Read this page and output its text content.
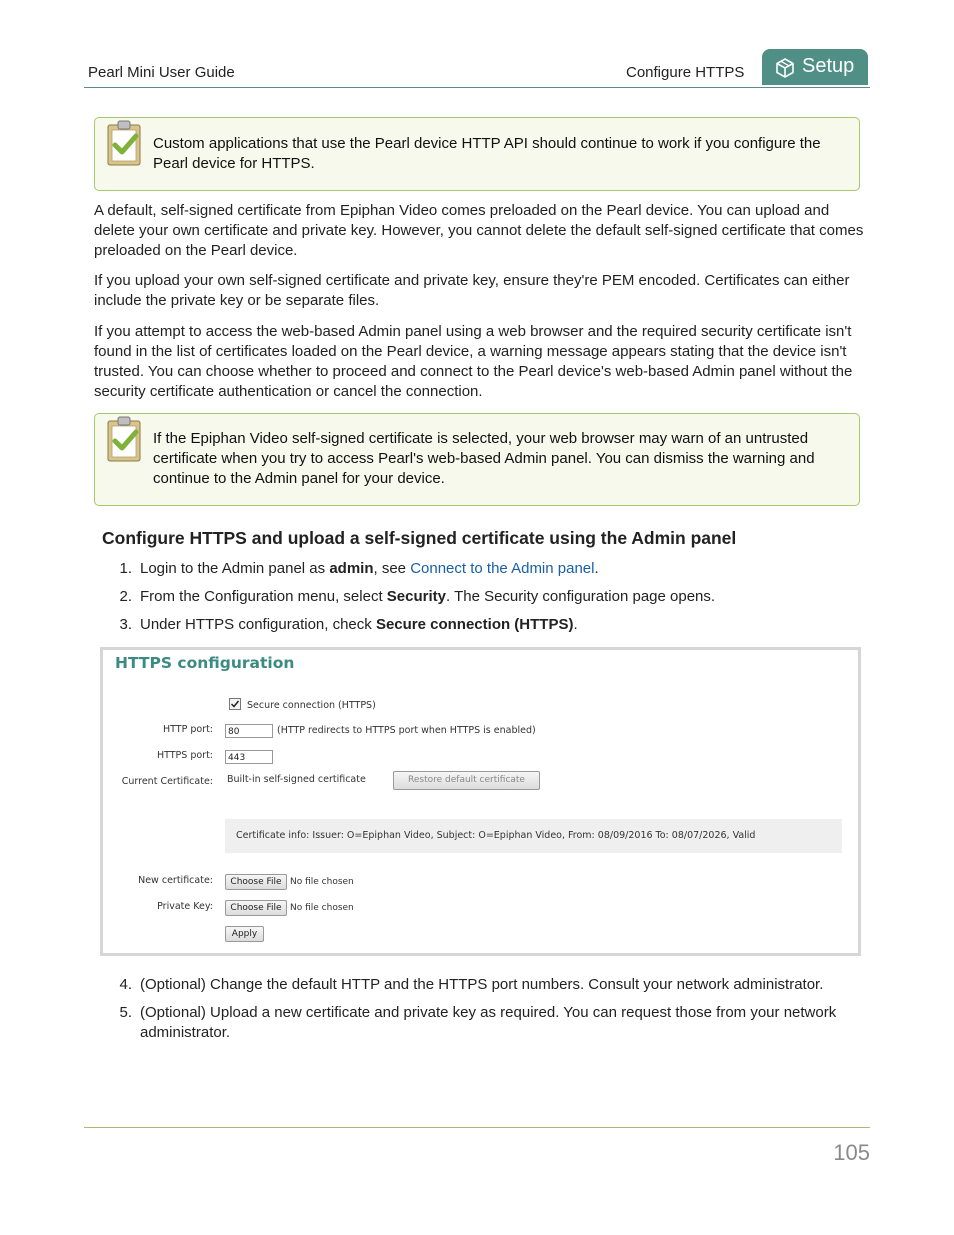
Pearl Mini User Guide	Configure HTTPS	Setup
Custom applications that use the Pearl device HTTP API should continue to work if you configure the Pearl device for HTTPS.
A default, self-signed certificate from Epiphan Video comes preloaded on the Pearl device. You can upload and delete your own certificate and private key. However, you cannot delete the default self-signed certificate that comes preloaded on the Pearl device.
If you upload your own self-signed certificate and private key, ensure they're PEM encoded. Certificates can either include the private key or be separate files.
If you attempt to access the web-based Admin panel using a web browser and the required security certificate isn't found in the list of certificates loaded on the Pearl device, a warning message appears stating that the device isn't trusted. You can choose whether to proceed and connect to the Pearl device's web-based Admin panel without the security certificate authentication or cancel the connection.
If the Epiphan Video self-signed certificate is selected, your web browser may warn of an untrusted certificate when you try to access Pearl's web-based Admin panel. You can dismiss the warning and continue to the Admin panel for your device.
Configure HTTPS and upload a self-signed certificate using the Admin panel
1. Login to the Admin panel as admin, see Connect to the Admin panel.
2. From the Configuration menu, select Security. The Security configuration page opens.
3. Under HTTPS configuration, check Secure connection (HTTPS).
HTTPS configuration
Secure connection (HTTPS)
HTTP port:	80	(HTTP redirects to HTTPS port when HTTPS is enabled)
HTTPS port:	443
Current Certificate: Built-in self-signed certificate	Restore default certificate
Certificate info: Issuer: O=Epiphan Video, Subject: O=Epiphan Video, From: 08/09/2016 To: 08/07/2026, Valid
New certificate:	Choose File No file chosen
Private Key:	Choose File No file chosen
Apply
4. (Optional) Change the default HTTP and the HTTPS port numbers. Consult your network administrator.
5. (Optional) Upload a new certificate and private key as required. You can request those from your network administrator.
105
